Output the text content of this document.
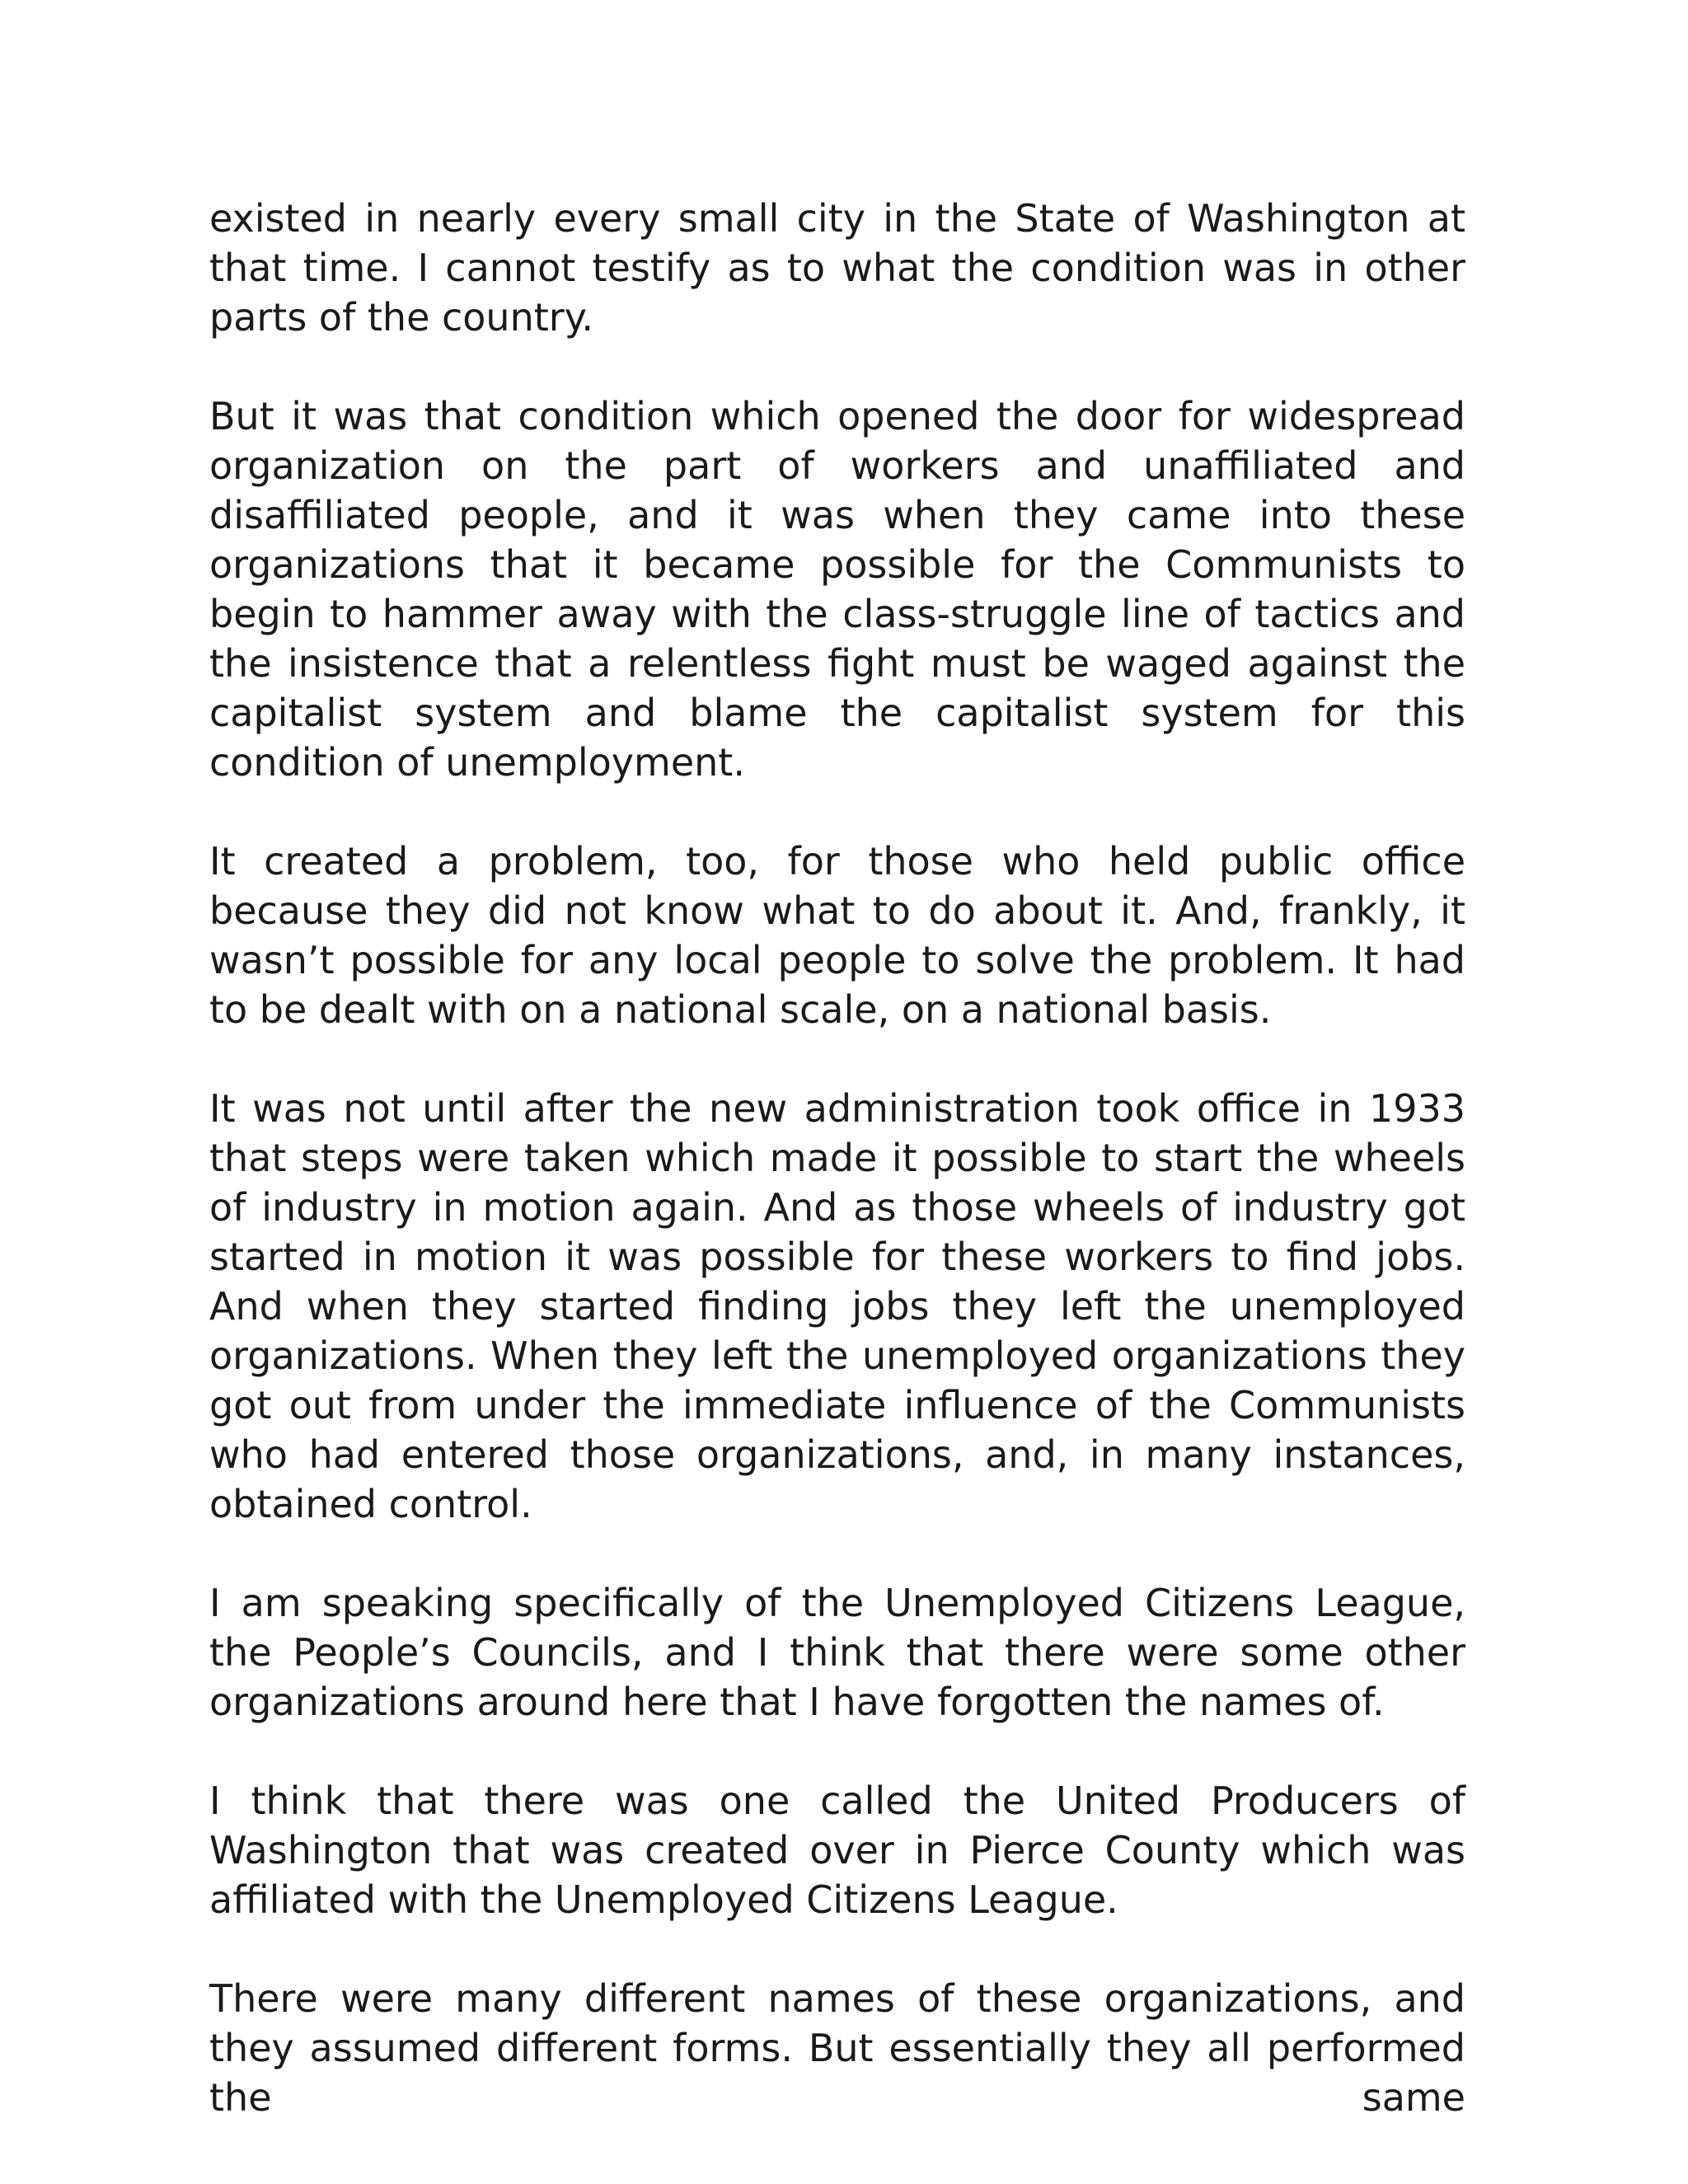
existed in nearly every small city in the State of Washington at that time. I cannot testify as to what the condition was in other parts of the country.

But it was that condition which opened the door for widespread organization on the part of workers and unaffiliated and disaffiliated people, and it was when they came into these organizations that it became possible for the Communists to begin to hammer away with the class-struggle line of tactics and the insistence that a relentless fight must be waged against the capitalist system and blame the capitalist system for this condition of unemployment.

It created a problem, too, for those who held public office because they did not know what to do about it. And, frankly, it wasn’t possible for any local people to solve the problem. It had to be dealt with on a national scale, on a national basis.

It was not until after the new administration took office in 1933 that steps were taken which made it possible to start the wheels of industry in motion again. And as those wheels of industry got started in motion it was possible for these workers to find jobs. And when they started finding jobs they left the unemployed organizations. When they left the unemployed organizations they got out from under the immediate influence of the Communists who had entered those organizations, and, in many instances, obtained control.

I am speaking specifically of the Unemployed Citizens League, the People’s Councils, and I think that there were some other organizations around here that I have forgotten the names of.

I think that there was one called the United Producers of Washington that was created over in Pierce County which was affiliated with the Unemployed Citizens League.

There were many different names of these organizations, and they assumed different forms. But essentially they all performed the same
